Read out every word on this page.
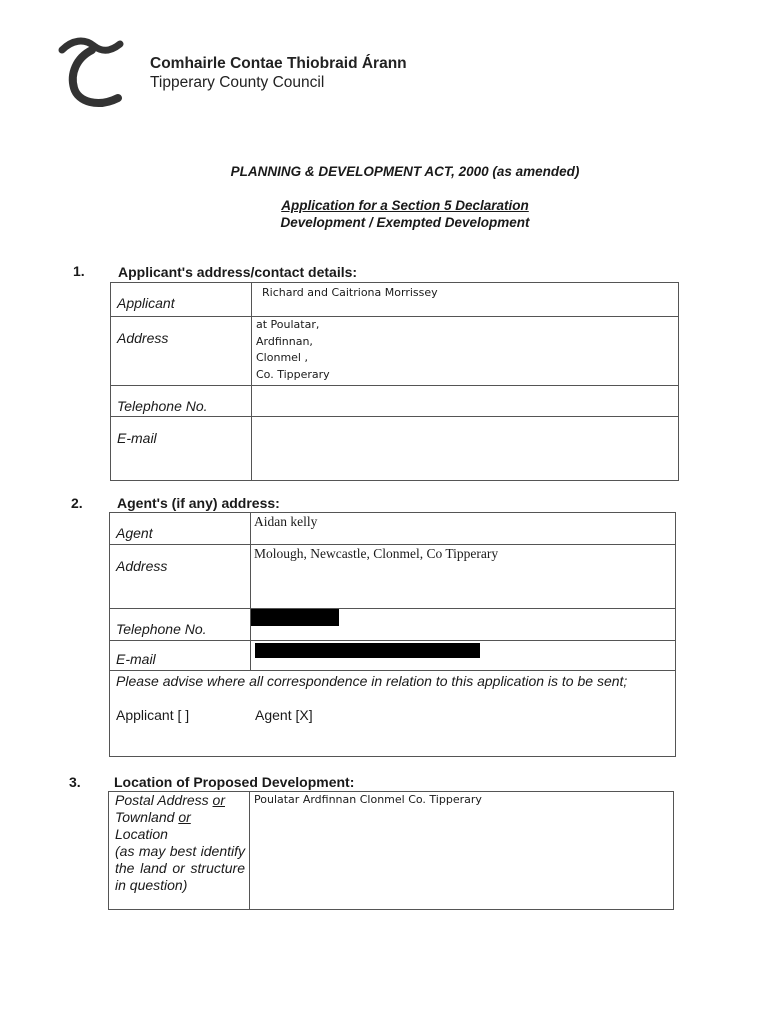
Comhairle Contae Thiobraid Árann
Tipperary County Council
PLANNING & DEVELOPMENT ACT, 2000 (as amended)
Application for a Section 5 Declaration
Development / Exempted Development
1. Applicant's address/contact details:
Applicant	Richard and Caitriona Morrissey
Address	at Poulatar,
Ardfinnan,
Clonmel ,
Co. Tipperary

Telephone No.	
E-mail	
2. Agent's (if any) address:
Agent	Aidan kelly
Address	Molough, Newcastle, Clonmel, Co Tipperary
Telephone No.	
E-mail	

Please advise where all correspondence in relation to this application is to be sent;
Applicant [ ] Agent [X]	
3. Location of Proposed Development:
Postal Address or
Townland or
Location
(as may best identify the land or structure in question)
	Poulatar Ardfinnan Clonmel Co. Tipperary
